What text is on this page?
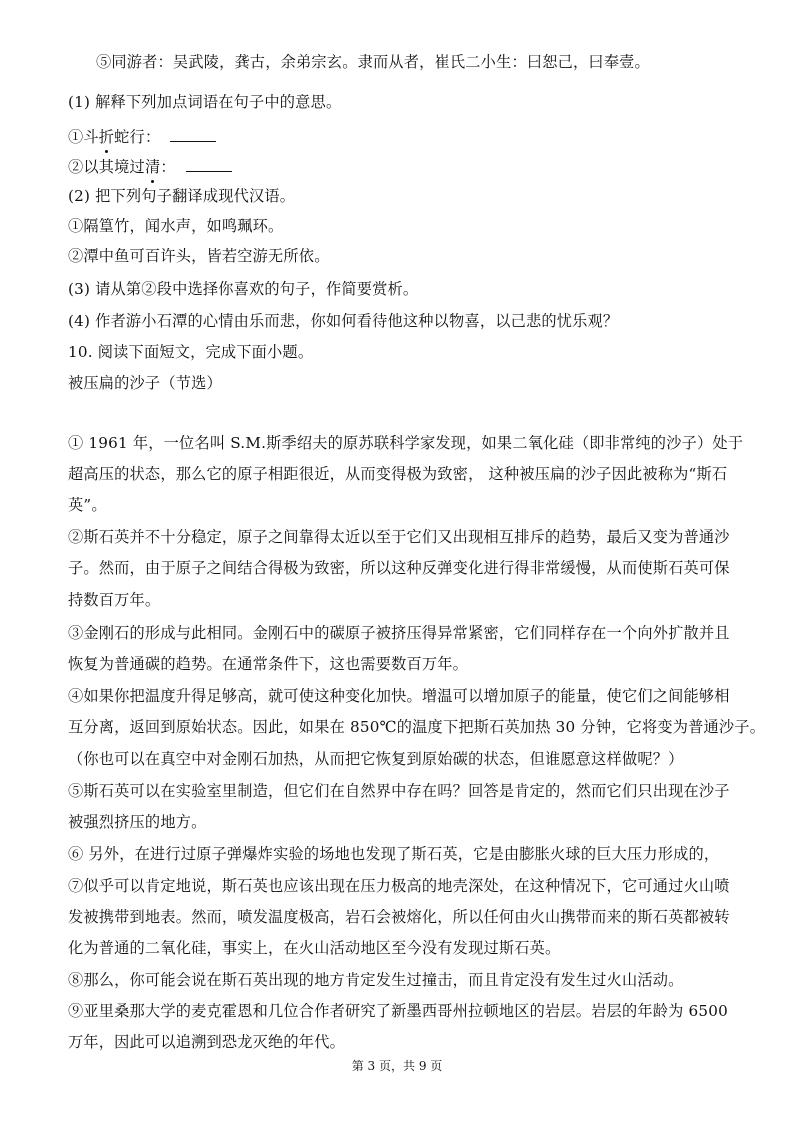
⑤同游者：吴武陵，龚古，余弟宗玄。隶而从者，崔氏二小生：曰恕己，曰奉壹。
(1) 解释下列加点词语在句子中的意思。
①斗折蛇行：
②以其境过清：
(2) 把下列句子翻译成现代汉语。
①隔篁竹，闻水声，如鸣珮环。
②潭中鱼可百许头，皆若空游无所依。
(3) 请从第②段中选择你喜欢的句子，作简要赏析。
(4) 作者游小石潭的心情由乐而悲，你如何看待他这种以物喜，以己悲的忧乐观？
10. 阅读下面短文，完成下面小题。
被压扁的沙子（节选）
① 1961 年，一位名叫 S.M.斯季绍夫的原苏联科学家发现，如果二氧化硅（即非常纯的沙子）处于
超高压的状态，那么它的原子相距很近，从而变得极为致密， 这种被压扁的沙子因此被称为“斯石
英”。
②斯石英并不十分稳定，原子之间靠得太近以至于它们又出现相互排斥的趋势，最后又变为普通沙
子。然而，由于原子之间结合得极为致密，所以这种反弹变化进行得非常缓慢，从而使斯石英可保
持数百万年。
③金刚石的形成与此相同。金刚石中的碳原子被挤压得异常紧密，它们同样存在一个向外扩散并且
恢复为普通碳的趋势。在通常条件下，这也需要数百万年。
④如果你把温度升得足够高，就可使这种变化加快。增温可以增加原子的能量，使它们之间能够相
互分离，返回到原始状态。因此，如果在 850℃的温度下把斯石英加热 30 分钟，它将变为普通沙子。
（你也可以在真空中对金刚石加热，从而把它恢复到原始碳的状态，但谁愿意这样做呢？）
⑤斯石英可以在实验室里制造，但它们在自然界中存在吗？回答是肯定的，然而它们只出现在沙子
被强烈挤压的地方。
⑥ 另外，在进行过原子弹爆炸实验的场地也发现了斯石英，它是由膨胀火球的巨大压力形成的，
⑦似乎可以肯定地说，斯石英也应该出现在压力极高的地壳深处，在这种情况下，它可通过火山喷
发被携带到地表。然而，喷发温度极高，岩石会被熔化，所以任何由火山携带而来的斯石英都被转
化为普通的二氧化硅，事实上，在火山活动地区至今没有发现过斯石英。
⑧那么，你可能会说在斯石英出现的地方肯定发生过撞击，而且肯定没有发生过火山活动。
⑨亚里桑那大学的麦克霍恩和几位合作者研究了新墨西哥州拉顿地区的岩层。岩层的年龄为 6500
万年，因此可以追溯到恐龙灭绝的年代。
第 3 页，共 9 页
